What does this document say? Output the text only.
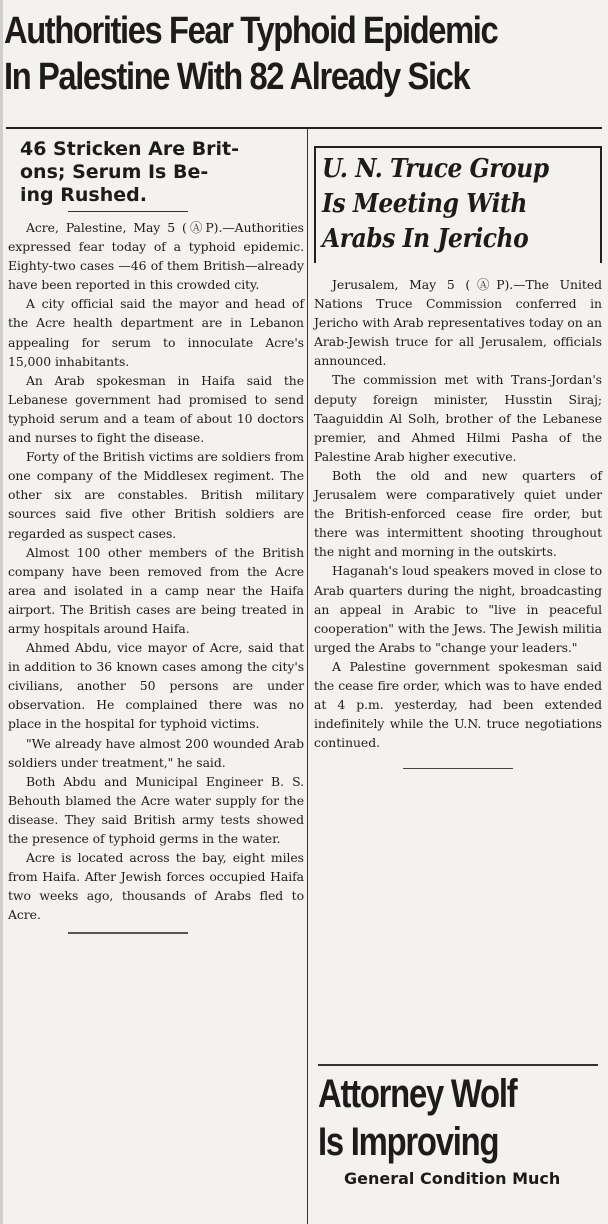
Authorities Fear Typhoid Epidemic
In Palestine With 82 Already Sick
46 Stricken Are Brit-
ons; Serum Is Be-
ing Rushed.

Acre, Palestine, May 5 (ⒶP).—Authorities expressed fear today of a typhoid epidemic. Eighty-two cases —46 of them British—already have been reported in this crowded city.

A city official said the mayor and head of the Acre health department are in Lebanon appealing for serum to innoculate Acre's 15,000 inhabitants.

An Arab spokesman in Haifa said the Lebanese government had promised to send typhoid serum and a team of about 10 doctors and nurses to fight the disease.

Forty of the British victims are soldiers from one company of the Middlesex regiment. The other six are constables. British military sources said five other British soldiers are regarded as suspect cases.

Almost 100 other members of the British company have been removed from the Acre area and isolated in a camp near the Haifa airport. The British cases are being treated in army hospitals around Haifa.

Ahmed Abdu, vice mayor of Acre, said that in addition to 36 known cases among the city's civilians, another 50 persons are under observation. He complained there was no place in the hospital for typhoid victims.

"We already have almost 200 wounded Arab soldiers under treatment," he said.

Both Abdu and Municipal Engineer B. S. Behouth blamed the Acre water supply for the disease. They said British army tests showed the presence of typhoid germs in the water.

Acre is located across the bay, eight miles from Haifa. After Jewish forces occupied Haifa two weeks ago, thousands of Arabs fled to Acre.

U. N. Truce Group
Is Meeting With
Arabs In Jericho

Jerusalem, May 5 (ⒶP).—The United Nations Truce Commission conferred in Jericho with Arab representatives today on an Arab-Jewish truce for all Jerusalem, officials announced.

The commission met with Trans-Jordan's deputy foreign minister, Husstin Siraj; Taaguiddin Al Solh, brother of the Lebanese premier, and Ahmed Hilmi Pasha of the Palestine Arab higher executive.

Both the old and new quarters of Jerusalem were comparatively quiet under the British-enforced cease fire order, but there was intermittent shooting throughout the night and morning in the outskirts.

Haganah's loud speakers moved in close to Arab quarters during the night, broadcasting an appeal in Arabic to "live in peaceful cooperation" with the Jews. The Jewish militia urged the Arabs to "change your leaders."

A Palestine government spokesman said the cease fire order, which was to have ended at 4 p.m. yesterday, had been extended indefinitely while the U.N. truce negotiations continued.

Attorney Wolf
Is Improving
General Condition Much
